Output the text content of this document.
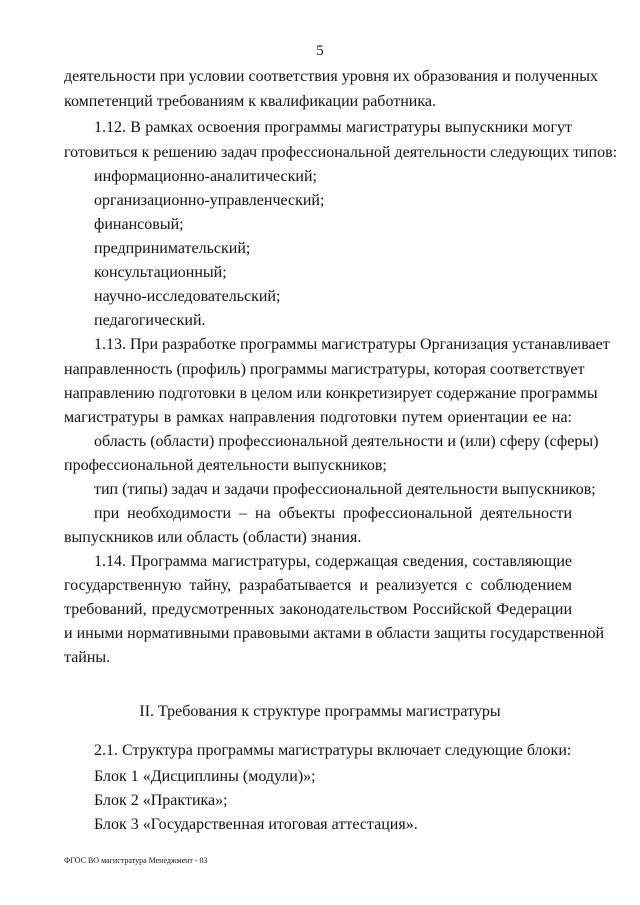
5

деятельности при условии соответствия уровня их образования и полученных

компетенций требованиям к квалификации работника.

1.12. В рамках освоения программы магистратуры выпускники могут

готовиться к решению задач профессиональной деятельности следующих типов:

информационно-аналитический;

организационно-управленческий;

финансовый;

предпринимательский;

консультационный;

научно-исследовательский;

педагогический.

1.13. При разработке программы магистратуры Организация устанавливает

направленность (профиль) программы магистратуры, которая соответствует

направлению подготовки в целом или конкретизирует содержание программы

магистратуры в рамках направления подготовки путем ориентации ее на:

область (области) профессиональной деятельности и (или) сферу (сферы)

профессиональной деятельности выпускников;

тип (типы) задач и задачи профессиональной деятельности выпускников;

при необходимости – на объекты профессиональной деятельности

выпускников или область (области) знания.

1.14. Программа магистратуры, содержащая сведения, составляющие

государственную тайну, разрабатывается и реализуется с соблюдением

требований, предусмотренных законодательством Российской Федерации

и иными нормативными правовыми актами в области защиты государственной

тайны.

II. Требования к структуре программы магистратуры

2.1. Структура программы магистратуры включает следующие блоки:

Блок 1 «Дисциплины (модули)»;

Блок 2 «Практика»;

Блок 3 «Государственная итоговая аттестация».

ФГОС ВО магистратура Менеджмент - 03
